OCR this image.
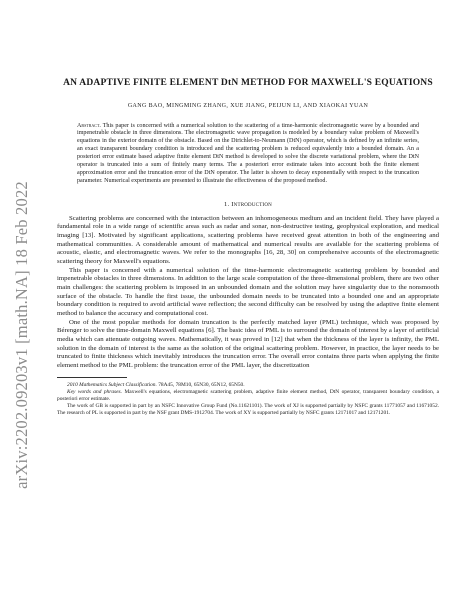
arXiv:2202.09203v1 [math.NA] 18 Feb 2022
AN ADAPTIVE FINITE ELEMENT DtN METHOD FOR MAXWELL'S EQUATIONS
GANG BAO, MINGMING ZHANG, XUE JIANG, PEIJUN LI, AND XIAOKAI YUAN
Abstract. This paper is concerned with a numerical solution to the scattering of a time-harmonic electromagnetic wave by a bounded and impenetrable obstacle in three dimensions. The electromagnetic wave propagation is modeled by a boundary value problem of Maxwell's equations in the exterior domain of the obstacle. Based on the Dirichlet-to-Neumann (DtN) operator, which is defined by an infinite series, an exact transparent boundary condition is introduced and the scattering problem is reduced equivalently into a bounded domain. An a posteriori error estimate based adaptive finite element DtN method is developed to solve the discrete variational problem, where the DtN operator is truncated into a sum of finitely many terms. The a posteriori error estimate takes into account both the finite element approximation error and the truncation error of the DtN operator. The latter is shown to decay exponentially with respect to the truncation parameter. Numerical experiments are presented to illustrate the effectiveness of the proposed method.
1. Introduction

Scattering problems are concerned with the interaction between an inhomogeneous medium and an incident field. They have played a fundamental role in a wide range of scientific areas such as radar and sonar, non-destructive testing, geophysical exploration, and medical imaging [13]. Motivated by significant applications, scattering problems have received great attention in both of the engineering and mathematical communities. A considerable amount of mathematical and numerical results are available for the scattering problems of acoustic, elastic, and electromagnetic waves. We refer to the monographs [16, 28, 30] on comprehensive accounts of the electromagnetic scattering theory for Maxwell's equations.

This paper is concerned with a numerical solution of the time-harmonic electromagnetic scattering problem by bounded and impenetrable obstacles in three dimensions. In addition to the large scale computation of the three-dimensional problem, there are two other main challenges: the scattering problem is imposed in an unbounded domain and the solution may have singularity due to the nonsmooth surface of the obstacle. To handle the first issue, the unbounded domain needs to be truncated into a bounded one and an appropriate boundary condition is required to avoid artificial wave reflection; the second difficulty can be resolved by using the adaptive finite element method to balance the accuracy and computational cost.

One of the most popular methods for domain truncation is the perfectly matched layer (PML) technique, which was proposed by Bérenger to solve the time-domain Maxwell equations [6]. The basic idea of PML is to surround the domain of interest by a layer of artificial media which can attenuate outgoing waves. Mathematically, it was proved in [12] that when the thickness of the layer is infinity, the PML solution in the domain of interest is the same as the solution of the original scattering problem. However, in practice, the layer needs to be truncated to finite thickness which inevitably introduces the truncation error. The overall error contains three parts when applying the finite element method to the PML problem: the truncation error of the PML layer, the discretization

2010 Mathematics Subject Classification. 78A45, 78M10, 65N30, 65N12, 65N50.

Key words and phrases. Maxwell's equations, electromagnetic scattering problem, adaptive finite element method, DtN operator, transparent boundary condition, a posteriori error estimate.

The work of GB is supported in part by an NSFC Innovative Group Fund (No.11621101). The work of XJ is supported partially by NSFC grants 11771057 and 11671052. The research of PL is supported in part by the NSF grant DMS-1912704. The work of XY is supported partially by NSFC grants 12171017 and 12171201.
